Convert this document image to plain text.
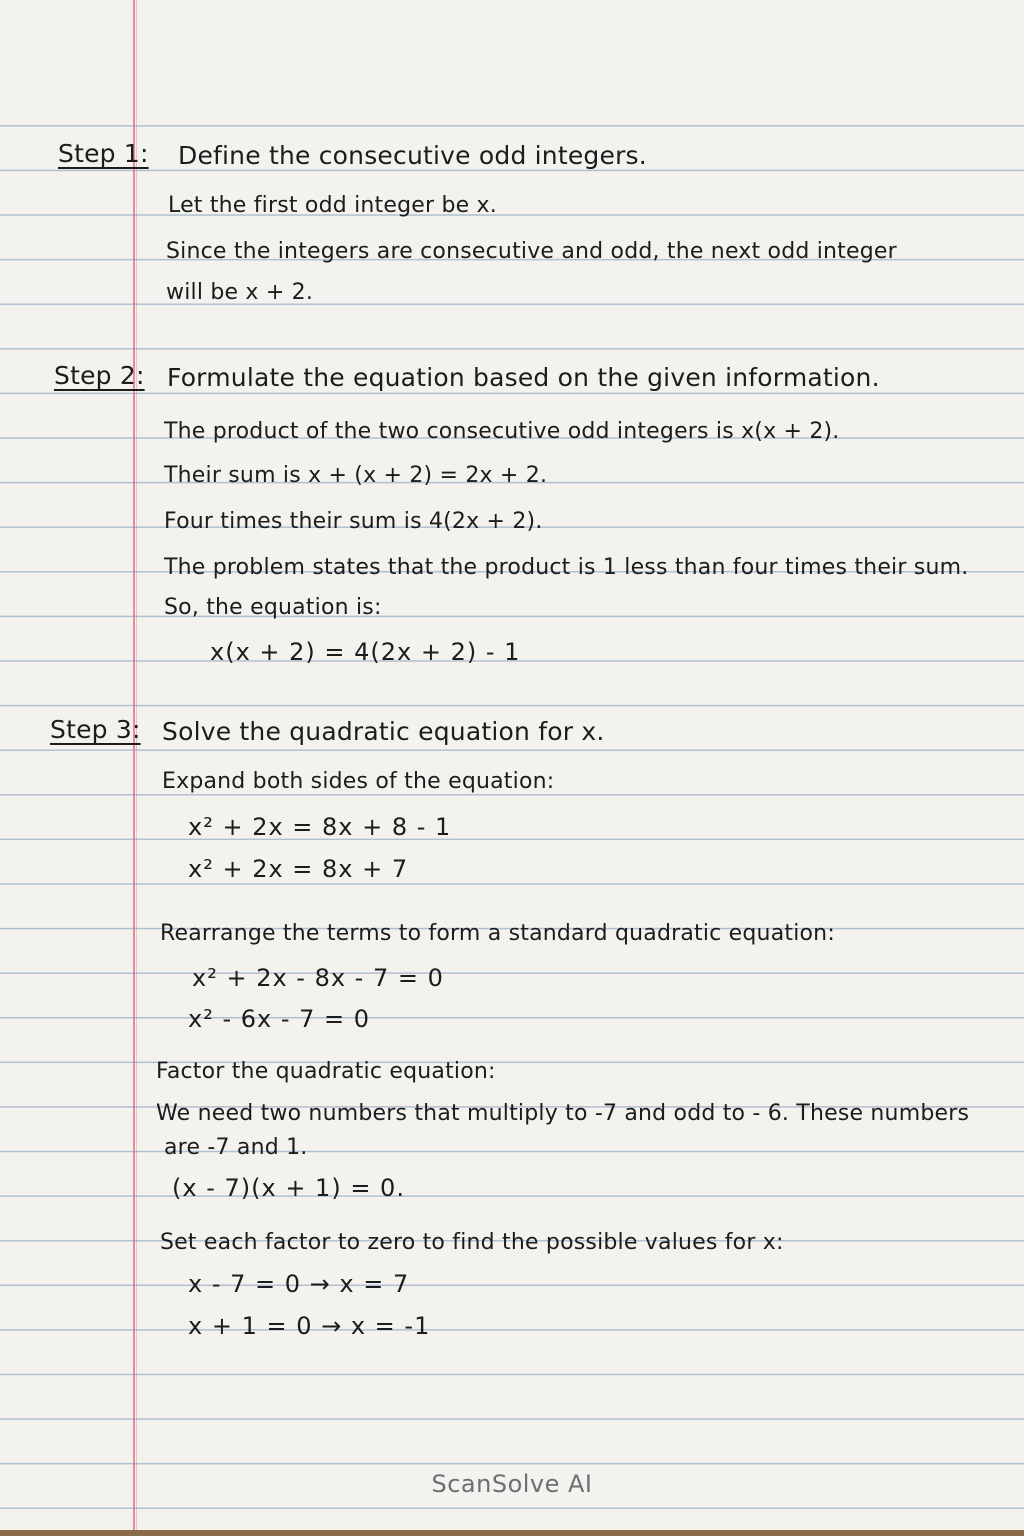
Step 1: Define the consecutive odd integers.
Let the first odd integer be x.
Since the integers are consecutive and odd, the next odd integer
will be x + 2.
Step 2: Formulate the equation based on the given information.
The product of the two consecutive odd integers is x(x + 2).
Their sum is x + (x + 2) = 2x + 2.
Four times their sum is 4(2x + 2).
The problem states that the product is 1 less than four times their sum.
So, the equation is:
x(x + 2) = 4(2x + 2) - 1
Step 3: Solve the quadratic equation for x.
Expand both sides of the equation:
x² + 2x = 8x + 8 - 1
x² + 2x = 8x + 7
Rearrange the terms to form a standard quadratic equation:
x² + 2x - 8x - 7 = 0
x² - 6x - 7 = 0
Factor the quadratic equation:
We need two numbers that multiply to -7 and odd to - 6. These numbers
are -7 and 1.
(x - 7)(x + 1) = 0.
Set each factor to zero to find the possible values for x:
x - 7 = 0 → x = 7
x + 1 = 0 → x = -1
ScanSolve AI
